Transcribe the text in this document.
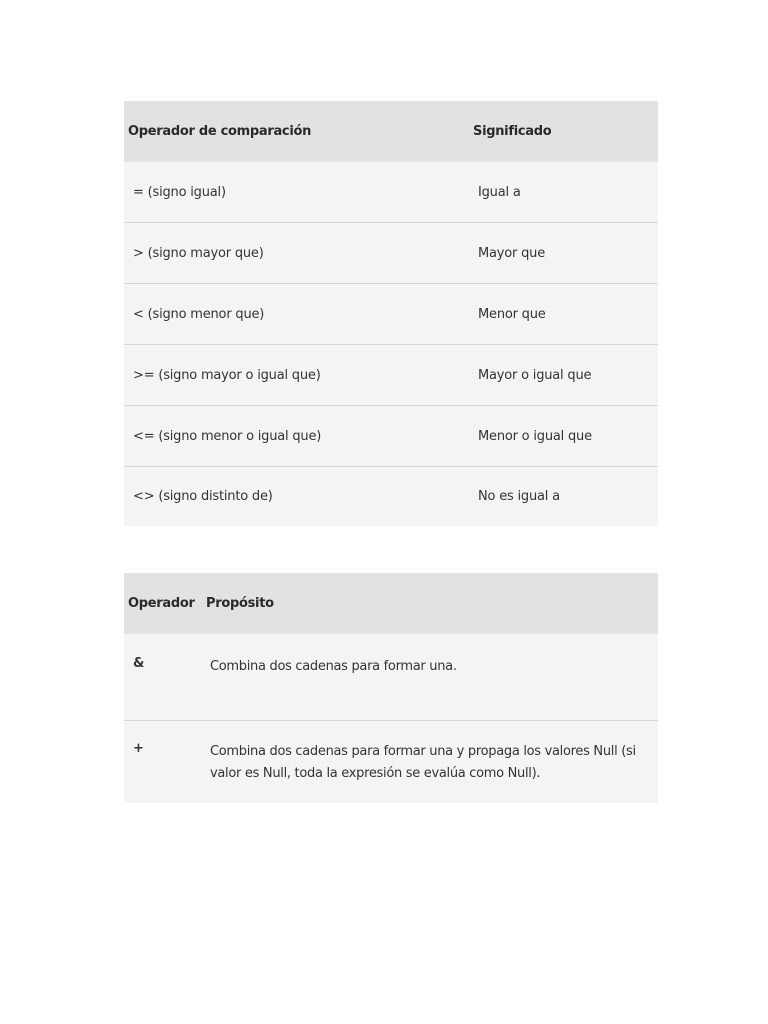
Operador de comparación	Significado
= (signo igual)	Igual a
> (signo mayor que)	Mayor que
< (signo menor que)	Menor que
>= (signo mayor o igual que)	Mayor o igual que
<= (signo menor o igual que)	Menor o igual que
<> (signo distinto de)	No es igual a
Operador	Propósito
&	Combina dos cadenas para formar una.
+	Combina dos cadenas para formar una y propaga los valores Null (si
valor es Null, toda la expresión se evalúa como Null).
